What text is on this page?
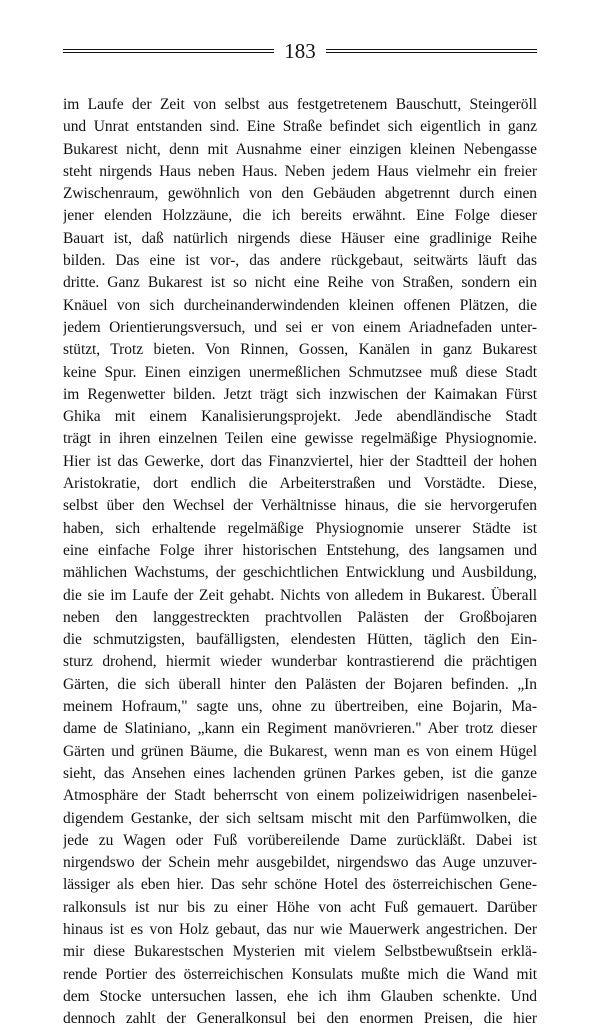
183
im Laufe der Zeit von selbst aus festgetretenem Bauschutt, Steingeröll
und Unrat entstanden sind. Eine Straße befindet sich eigentlich in ganz
Bukarest nicht, denn mit Ausnahme einer einzigen kleinen Nebengasse
steht nirgends Haus neben Haus. Neben jedem Haus vielmehr ein freier
Zwischenraum, gewöhnlich von den Gebäuden abgetrennt durch einen
jener elenden Holzzäune, die ich bereits erwähnt. Eine Folge dieser
Bauart ist, daß natürlich nirgends diese Häuser eine gradlinige Reihe
bilden. Das eine ist vor-, das andere rückgebaut, seitwärts läuft das
dritte. Ganz Bukarest ist so nicht eine Reihe von Straßen, sondern ein
Knäuel von sich durcheinanderwindenden kleinen offenen Plätzen, die
jedem Orientierungsversuch, und sei er von einem Ariadnefaden unter-
stützt, Trotz bieten. Von Rinnen, Gossen, Kanälen in ganz Bukarest
keine Spur. Einen einzigen unermeßlichen Schmutzsee muß diese Stadt
im Regenwetter bilden. Jetzt trägt sich inzwischen der Kaimakan Fürst
Ghika mit einem Kanalisierungsprojekt. Jede abendländische Stadt
trägt in ihren einzelnen Teilen eine gewisse regelmäßige Physiognomie.
Hier ist das Gewerke, dort das Finanzviertel, hier der Stadtteil der hohen
Aristokratie, dort endlich die Arbeiterstraßen und Vorstädte. Diese,
selbst über den Wechsel der Verhältnisse hinaus, die sie hervorgerufen
haben, sich erhaltende regelmäßige Physiognomie unserer Städte ist
eine einfache Folge ihrer historischen Entstehung, des langsamen und
mählichen Wachstums, der geschichtlichen Entwicklung und Ausbildung,
die sie im Laufe der Zeit gehabt. Nichts von alledem in Bukarest. Überall
neben den langgestreckten prachtvollen Palästen der Großbojaren
die schmutzigsten, baufälligsten, elendesten Hütten, täglich den Ein-
sturz drohend, hiermit wieder wunderbar kontrastierend die prächtigen
Gärten, die sich überall hinter den Palästen der Bojaren befinden. „In
meinem Hofraum," sagte uns, ohne zu übertreiben, eine Bojarin, Ma-
dame de Slatiniano, „kann ein Regiment manövrieren." Aber trotz dieser
Gärten und grünen Bäume, die Bukarest, wenn man es von einem Hügel
sieht, das Ansehen eines lachenden grünen Parkes geben, ist die ganze
Atmosphäre der Stadt beherrscht von einem polizeiwidrigen nasenbelei-
digendem Gestanke, der sich seltsam mischt mit den Parfümwolken, die
jede zu Wagen oder Fuß vorübereilende Dame zurückläßt. Dabei ist
nirgendswo der Schein mehr ausgebildet, nirgendswo das Auge unzuver-
lässiger als eben hier. Das sehr schöne Hotel des österreichischen Gene-
ralkonsuls ist nur bis zu einer Höhe von acht Fuß gemauert. Darüber
hinaus ist es von Holz gebaut, das nur wie Mauerwerk angestrichen. Der
mir diese Bukarestschen Mysterien mit vielem Selbstbewußtsein erklä-
rende Portier des österreichischen Konsulats mußte mich die Wand mit
dem Stocke untersuchen lassen, ehe ich ihm Glauben schenkte. Und
dennoch zahlt der Generalkonsul bei den enormen Preisen, die hier
